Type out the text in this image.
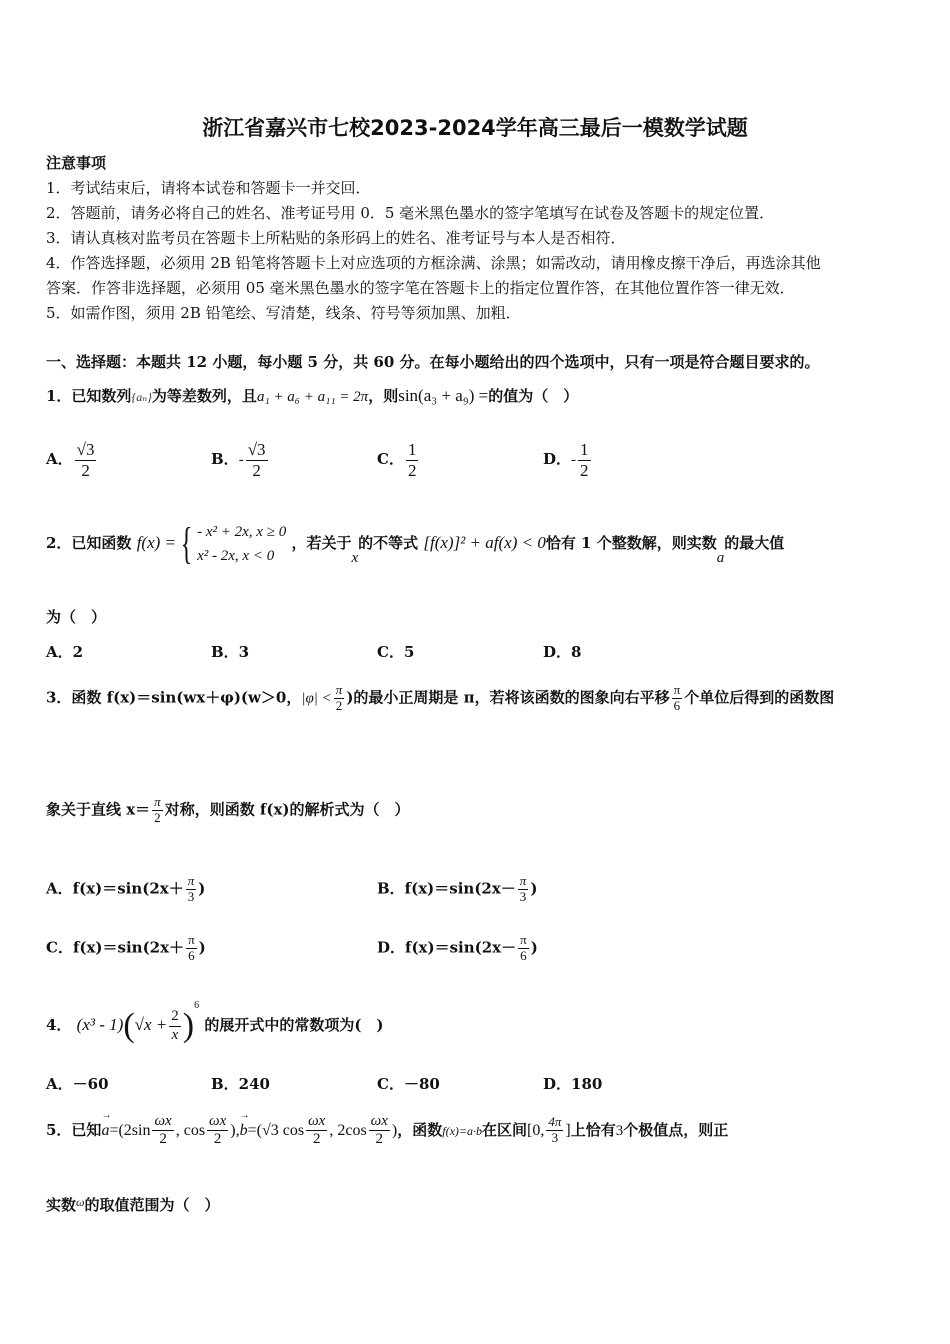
浙江省嘉兴市七校2023-2024学年高三最后一模数学试题
注意事项
1．考试结束后，请将本试卷和答题卡一并交回．
2．答题前，请务必将自己的姓名、准考证号用 0．5 毫米黑色墨水的签字笔填写在试卷及答题卡的规定位置．
3．请认真核对监考员在答题卡上所粘贴的条形码上的姓名、准考证号与本人是否相符．
4．作答选择题，必须用 2B 铅笔将答题卡上对应选项的方框涂满、涂黑；如需改动，请用橡皮擦干净后，再选涂其他
答案．作答非选择题，必须用 05 毫米黑色墨水的签字笔在答题卡上的指定位置作答，在其他位置作答一律无效．
5．如需作图，须用 2B 铅笔绘、写清楚，线条、符号等须加黑、加粗．
一、选择题：本题共 12 小题，每小题 5 分，共 60 分。在每小题给出的四个选项中，只有一项是符合题目要求的。
1．已知数列{aₙ}为等差数列，且a₁ + a₆ + a₁₁ = 2π，则sin(a₃ + a₉) =的值为（　）
A． $\frac{√3}{2}$	B．- $\frac{√3}{2}$	C． $\frac{1}{2}$	D．- $\frac{1}{2}$
2．已知函数 f(x) = { - x² + 2x, x ≥ 0
x² - 2x, x < 0
，若关于x的不等式 [f(x)]² + af(x) < 0恰有 1 个整数解，则实数a的最大值
为（　）
A．2	B．3	C．5	D．8
3．函数 f(x)＝sin(wx＋φ)(w＞0，$|\varphi| < \frac{\pi}{2}$ )的最小正周期是 π，若将该函数的图象向右平移 $\frac{\pi}{6}$ 个单位后得到的函数图
象关于直线 $x= \frac{\pi}{2}$ 对称，则函数 f(x)的解析式为（　）
A．$f(x)=\sin(2x+ \frac{\pi}{3}$ )	B．$f(x)=\sin(2x- \frac{\pi}{3}$ )
C．$f(x)=\sin(2x+ \frac{\pi}{6}$ )	D．$f(x)=\sin(2x- \frac{\pi}{6}$ )
4． $(x^3 - 1)(√x + \frac{2}{x} )^6$ 的展开式中的常数项为(　)
A．－60	B．240	C．－80	D．180
5．已知
→
$a=(2\sin \frac{\omega x}{2}$ , $\cos \frac{\omega x}{2}$ ),
→
b=(√3 $\cos \frac{\omega x}{2}$ , $2\cos \frac{\omega x}{2}$ )，函数f(x)=a·b在区间[0, $\frac{4\pi}{3}$ ]上恰有3个极值点，则正
实数$^\omega$的取值范围为（　）
